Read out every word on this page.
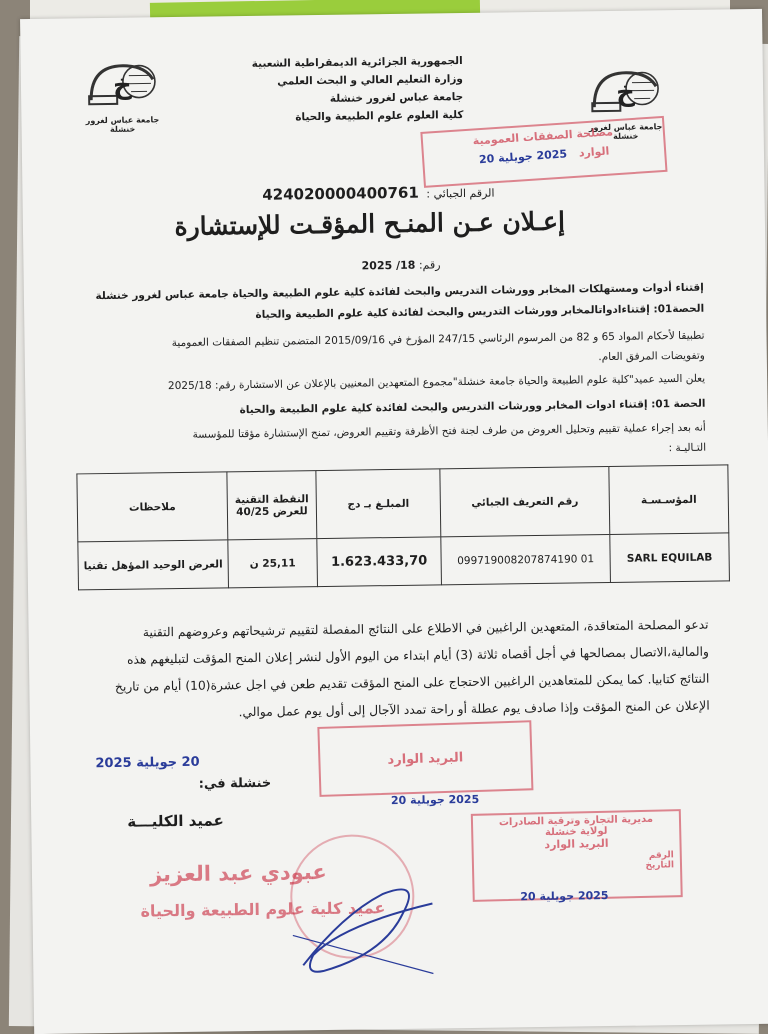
خ
جامعة عباس لغرور خنشلة
خ
جامعة عباس لغرور خنشلة
الجمهورية الجزائرية الديمقراطية الشعبية
وزارة التعليم العالي و البحث العلمي
جامعة عباس لغرور خنشلة
كلية العلوم علوم الطبيعة والحياة
مصلحة الصفقات العمومية
الوارد 2025 جويلية 20
الرقم الجبائي : 424020000400761
إعـلان عـن المنـح المؤقـت للإستشارة
رقم: 18/ 2025
إقتناء أدوات ومستهلكات المخابر وورشات التدريس والبحث لفائدة كلية علوم الطبيعة والحياة جامعة عباس لغرور خنشلة
الحصة01: إقتناءادواتالمخابر وورشات التدريس والبحث لفائدة كلية علوم الطبيعة والحياة
تطبيقا لأحكام المواد 65 و 82 من المرسوم الرئاسي 247/15 المؤرخ في 2015/09/16 المتضمن تنظيم الصفقات العمومية
وتفويضات المرفق العام.
يعلن السيد عميد"كلية علوم الطبيعة والحياة جامعة خنشلة"مجموع المتعهدين المعنيين بالإعلان عن الاستشارة رقم: 2025/18
الحصة 01: إقتناء ادوات المخابر وورشات التدريس والبحث لفائدة كلية علوم الطبيعة والحياة
أنه بعد إجراء عملية تقييم وتحليل العروض من طرف لجنة فتح الأظرفة وتقييم العروض، تمنح الإستشارة مؤقتا للمؤسسة
التـاليـة :
المؤسـسـة	رقم التعريف الجبائي	المبلـغ بـ دج	النقطة التقنية للعرض 40/25	ملاحظات
SARL EQUILAB	099719008207874190 01	1.623.433,70	25,11 ن	العرض الوحيد المؤهل تقنيا
تدعو المصلحة المتعاقدة، المتعهدين الراغبين في الاطلاع على النتائج المفصلة لتقييم ترشيحاتهم وعروضهم التقنية
والمالية،الاتصال بمصالحها في أجل أقصاه ثلاثة (3) أيام ابتداء من اليوم الأول لنشر إعلان المنح المؤقت لتبليغهم هذه
النتائج كتابيا. كما يمكن للمتعاهدين الراغبين الاحتجاج على المنح المؤقت تقديم طعن في اجل عشرة(10) أيام من تاريخ
الإعلان عن المنح المؤقت وإذا صادف يوم عطلة أو راحة تمدد الآجال إلى أول يوم عمل موالي.
البريد الوارد
2025 جويلية 20
20 جويلية 2025
خنشلة في:
عميد الكليـــة
عبودي عبد العزيز
عميد كلية علوم الطبيعة والحياة
مديرية التجارة وترقية الصادرات
لولاية خنشلة
البريد الوارد
الرقم
التاريخ
2025 جويلية 20
